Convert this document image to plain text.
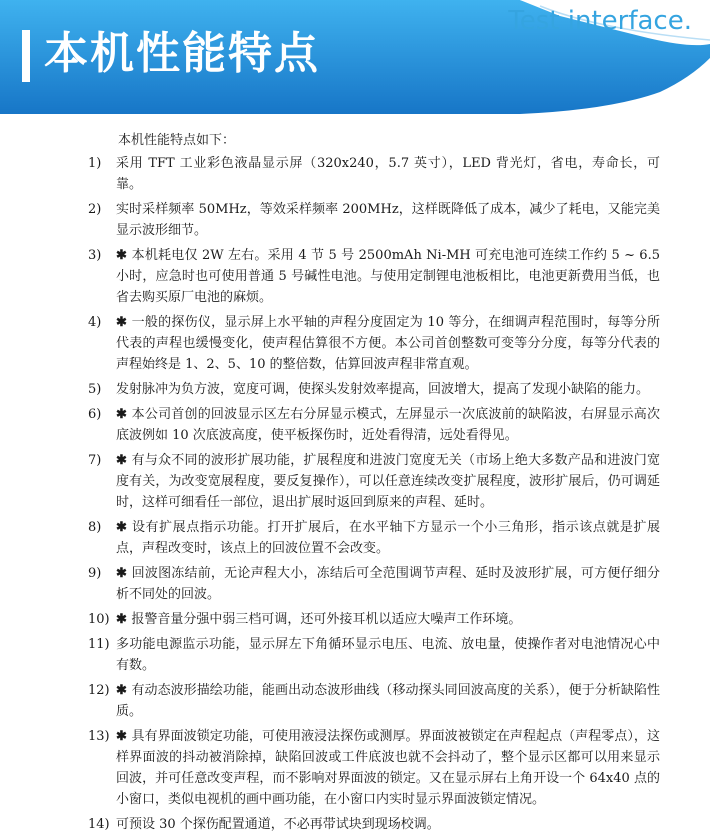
本机性能特点
Test interface.
本机性能特点如下：
1) 采用 TFT 工业彩色液晶显示屏（320x240，5.7 英寸），LED 背光灯，省电，寿命长，可靠。
2) 实时采样频率 50MHz，等效采样频率 200MHz，这样既降低了成本，减少了耗电，又能完美显示波形细节。
3) ✱ 本机耗电仅 2W 左右。采用 4 节 5 号 2500mAh Ni-MH 可充电池可连续工作约 5 ~ 6.5 小时，应急时也可使用普通 5 号碱性电池。与使用定制锂电池板相比，电池更新费用当低，也省去购买原厂电池的麻烦。
4) ✱ 一般的探伤仪，显示屏上水平轴的声程分度固定为 10 等分，在细调声程范围时，每等分所代表的声程也缓慢变化，使声程估算很不方便。本公司首创整数可变等分分度，每等分代表的声程始终是 1、2、5、10 的整倍数，估算回波声程非常直观。
5) 发射脉冲为负方波，宽度可调，使探头发射效率提高，回波增大，提高了发现小缺陷的能力。
6) ✱ 本公司首创的回波显示区左右分屏显示模式，左屏显示一次底波前的缺陷波，右屏显示高次底波例如 10 次底波高度，使平板探伤时，近处看得清，远处看得见。
7) ✱ 有与众不同的波形扩展功能，扩展程度和进波门宽度无关（市场上绝大多数产品和进波门宽度有关，为改变宽展程度，要反复操作），可以任意连续改变扩展程度，波形扩展后，仍可调延时，这样可细看任一部位，退出扩展时返回到原来的声程、延时。
8) ✱ 设有扩展点指示功能。打开扩展后，在水平轴下方显示一个小三角形，指示该点就是扩展点，声程改变时，该点上的回波位置不会改变。
9) ✱ 回波图冻结前，无论声程大小，冻结后可全范围调节声程、延时及波形扩展，可方便仔细分析不同处的回波。
10) ✱ 报警音量分强中弱三档可调，还可外接耳机以适应大噪声工作环境。
11) 多功能电源监示功能，显示屏左下角循环显示电压、电流、放电量，使操作者对电池情况心中有数。
12) ✱ 有动态波形描绘功能，能画出动态波形曲线（移动探头同回波高度的关系），便于分析缺陷性质。
13) ✱ 具有界面波锁定功能，可使用液浸法探伤或测厚。界面波被锁定在声程起点（声程零点），这样界面波的抖动被消除掉，缺陷回波或工件底波也就不会抖动了，整个显示区都可以用来显示回波，并可任意改变声程，而不影响对界面波的锁定。又在显示屏右上角开设一个 64x40 点的小窗口，类似电视机的画中画功能，在小窗口内实时显示界面波锁定情况。
14) 可预设 30 个探伤配置通道，不必再带试块到现场校调。
